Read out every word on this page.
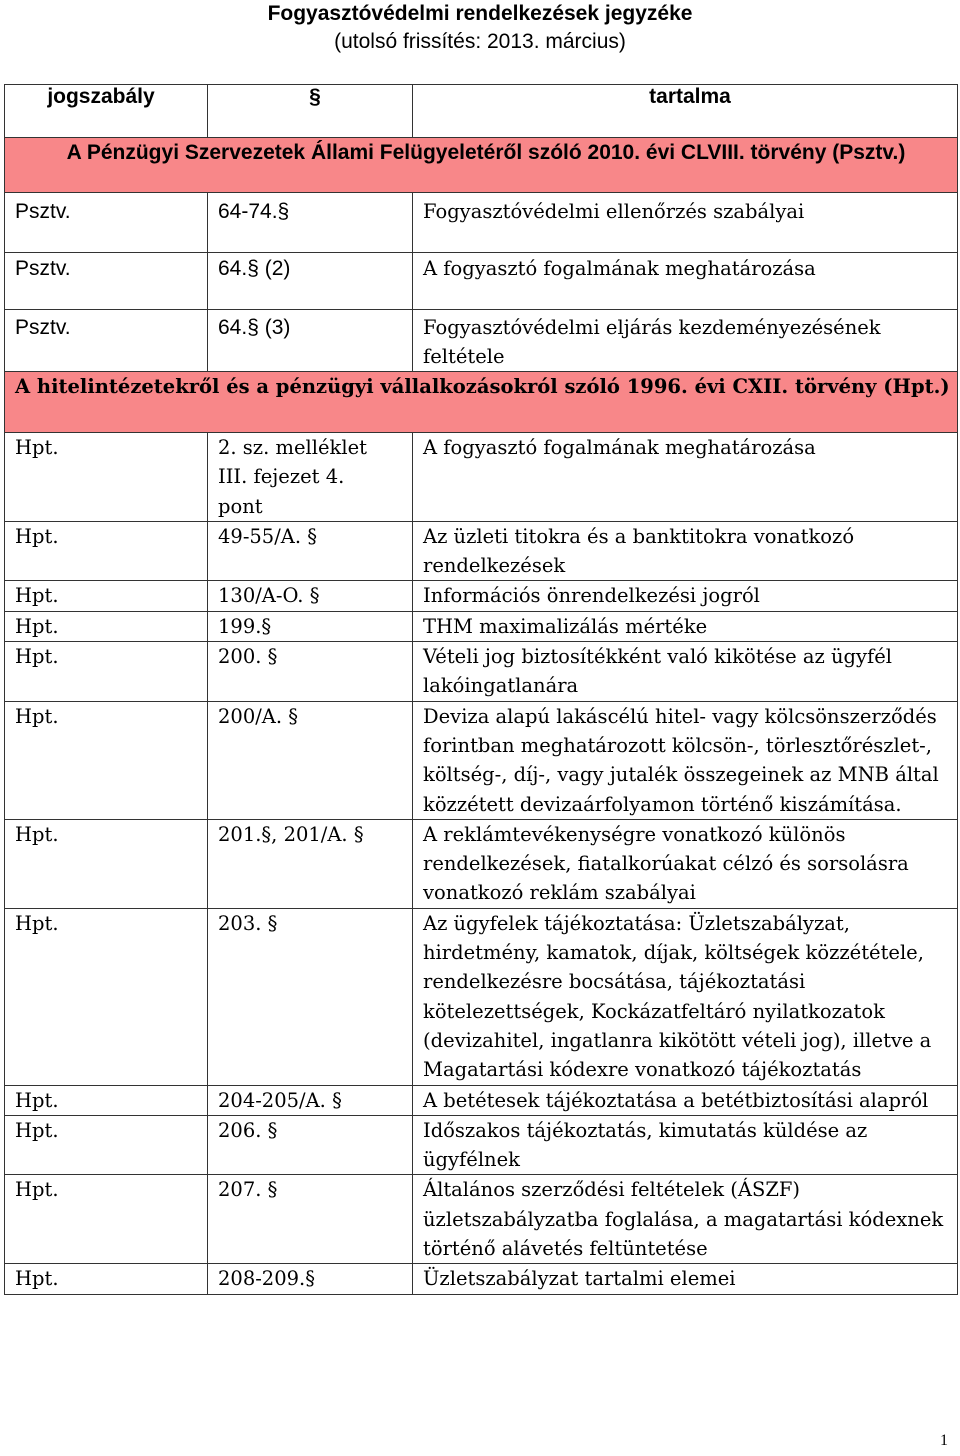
Fogyasztóvédelmi rendelkezések jegyzéke
(utolsó frissítés: 2013. március)
jogszabály	§	tartalma
A Pénzügyi Szervezetek Állami Felügyeletéről szóló 2010. évi CLVIII. törvény (Psztv.)		
Psztv.	64-74.§	Fogyasztóvédelmi ellenőrzés szabályai
Psztv.	64.§ (2)	A fogyasztó fogalmának meghatározása
Psztv.	64.§ (3)	Fogyasztóvédelmi eljárás kezdeményezésének feltétele
A hitelintézetekről és a pénzügyi vállalkozásokról szóló 1996. évi CXII. törvény (Hpt.)		
Hpt.	2. sz. melléklet III. fejezet 4. pont	A fogyasztó fogalmának meghatározása
Hpt.	49-55/A. §	Az üzleti titokra és a banktitokra vonatkozó rendelkezések
Hpt.	130/A-O. §	Információs önrendelkezési jogról
Hpt.	199.§	THM maximalizálás mértéke
Hpt.	200. §	Vételi jog biztosítékként való kikötése az ügyfél lakóingatlanára
Hpt.	200/A. §	Deviza alapú lakáscélú hitel- vagy kölcsönszerződés forintban meghatározott kölcsön-, törlesztőrészlet-, költség-, díj-, vagy jutalék összegeinek az MNB által közzétett devizaárfolyamon történő kiszámítása.
Hpt.	201.§, 201/A. §	A reklámtevékenységre vonatkozó különös rendelkezések, fiatalkorúakat célzó és sorsolásra vonatkozó reklám szabályai
Hpt.	203. §	Az ügyfelek tájékoztatása: Üzletszabályzat, hirdetmény, kamatok, díjak, költségek közzététele, rendelkezésre bocsátása, tájékoztatási kötelezettségek, Kockázatfeltáró nyilatkozatok (devizahitel, ingatlanra kikötött vételi jog), illetve a Magatartási kódexre vonatkozó tájékoztatás
Hpt.	204-205/A. §	A betétesek tájékoztatása a betétbiztosítási alapról
Hpt.	206. §	Időszakos tájékoztatás, kimutatás küldése az ügyfélnek
Hpt.	207. §	Általános szerződési feltételek (ÁSZF) üzletszabályzatba foglalása, a magatartási kódexnek történő alávetés feltüntetése
Hpt.	208-209.§	Üzletszabályzat tartalmi elemei
1
